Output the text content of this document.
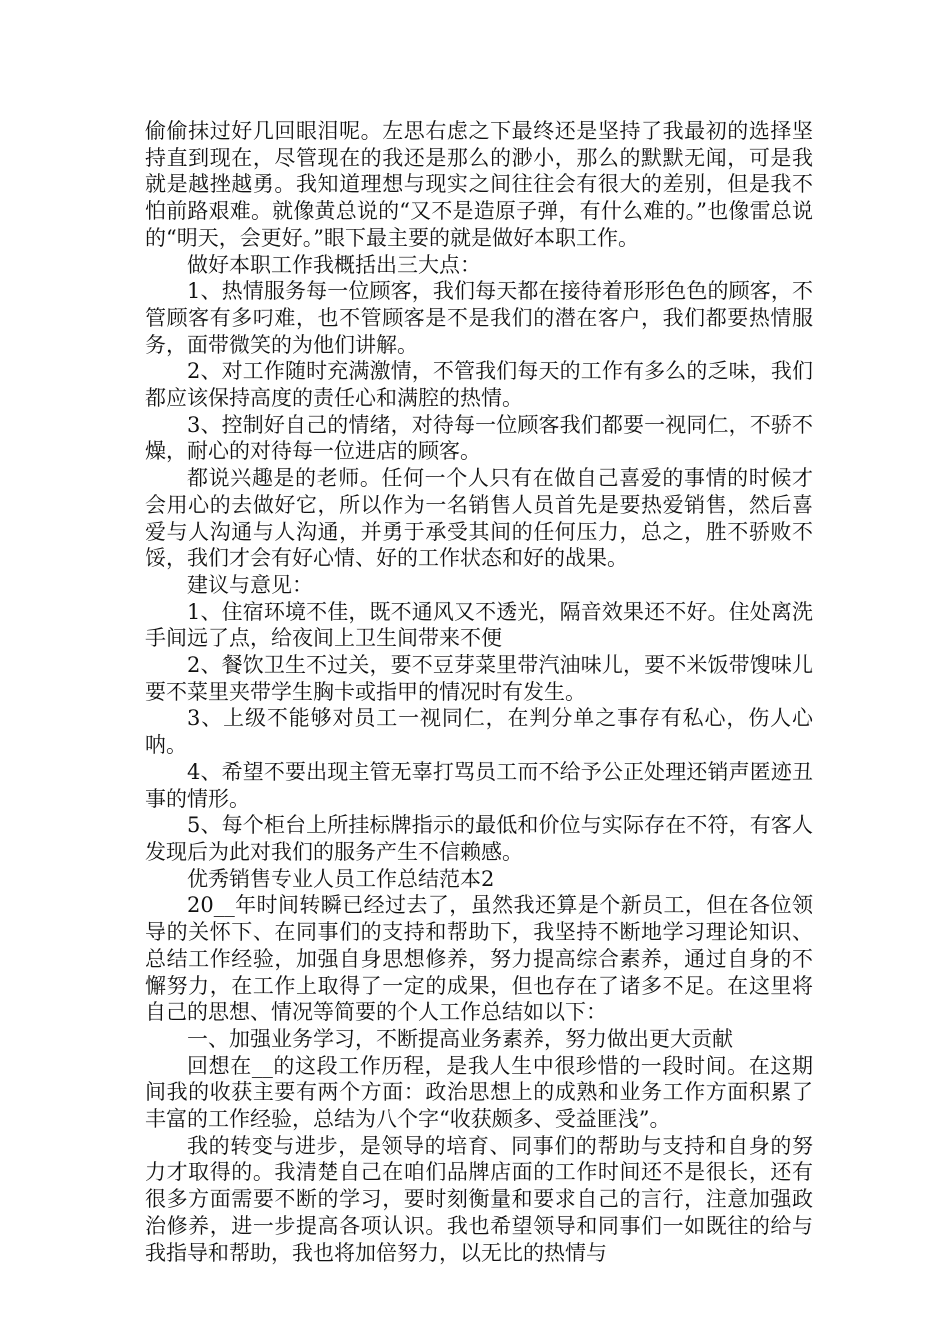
偷偷抹过好几回眼泪呢。左思右虑之下最终还是坚持了我最初的选择坚持直到现在，尽管现在的我还是那么的渺小，那么的默默无闻，可是我就是越挫越勇。我知道理想与现实之间往往会有很大的差别，但是我不怕前路艰难。就像黄总说的“又不是造原子弹，有什么难的。”也像雷总说的“明天，会更好。”眼下最主要的就是做好本职工作。

做好本职工作我概括出三大点：

1、热情服务每一位顾客，我们每天都在接待着形形色色的顾客，不管顾客有多叼难，也不管顾客是不是我们的潜在客户，我们都要热情服务，面带微笑的为他们讲解。

2、对工作随时充满激情，不管我们每天的工作有多么的乏味，我们都应该保持高度的责任心和满腔的热情。

3、控制好自己的情绪，对待每一位顾客我们都要一视同仁，不骄不燥，耐心的对待每一位进店的顾客。

都说兴趣是的老师。任何一个人只有在做自己喜爱的事情的时候才会用心的去做好它，所以作为一名销售人员首先是要热爱销售，然后喜爱与人沟通与人沟通，并勇于承受其间的任何压力，总之，胜不骄败不馁，我们才会有好心情、好的工作状态和好的战果。

建议与意见：

1、住宿环境不佳，既不通风又不透光，隔音效果还不好。住处离洗手间远了点，给夜间上卫生间带来不便

2、餐饮卫生不过关，要不豆芽菜里带汽油味儿，要不米饭带馊味儿要不菜里夹带学生胸卡或指甲的情况时有发生。

3、上级不能够对员工一视同仁，在判分单之事存有私心，伤人心呐。

4、希望不要出现主管无辜打骂员工而不给予公正处理还销声匿迹丑事的情形。

5、每个柜台上所挂标牌指示的最低和价位与实际存在不符，有客人发现后为此对我们的服务产生不信赖感。

优秀销售专业人员工作总结范本2

20__年时间转瞬已经过去了，虽然我还算是个新员工，但在各位领导的关怀下、在同事们的支持和帮助下，我坚持不断地学习理论知识、总结工作经验，加强自身思想修养，努力提高综合素养，通过自身的不懈努力，在工作上取得了一定的成果，但也存在了诸多不足。在这里将自己的思想、情况等简要的个人工作总结如以下：

一、加强业务学习，不断提高业务素养，努力做出更大贡献

回想在__的这段工作历程，是我人生中很珍惜的一段时间。在这期间我的收获主要有两个方面：政治思想上的成熟和业务工作方面积累了丰富的工作经验，总结为八个字“收获颇多、受益匪浅”。

我的转变与进步，是领导的培育、同事们的帮助与支持和自身的努力才取得的。我清楚自己在咱们品牌店面的工作时间还不是很长，还有很多方面需要不断的学习，要时刻衡量和要求自己的言行，注意加强政治修养，进一步提高各项认识。我也希望领导和同事们一如既往的给与我指导和帮助，我也将加倍努力，以无比的热情与
